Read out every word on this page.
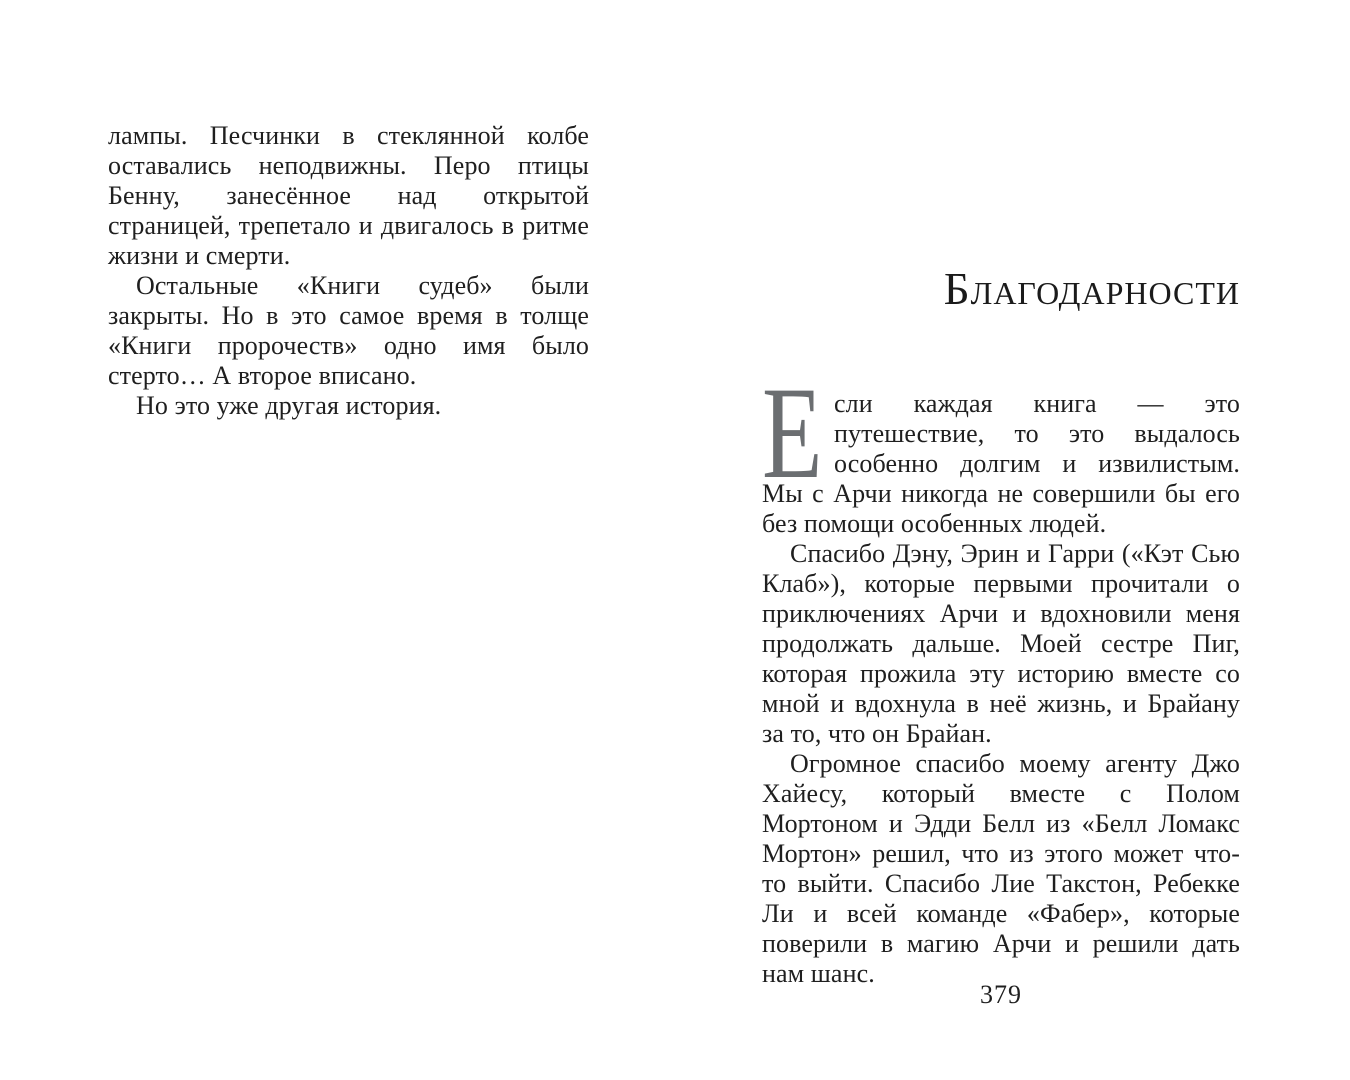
лампы. Песчинки в стеклянной колбе оставались неподвижны. Перо птицы Бенну, занесённое над открытой страницей, трепетало и двигалось в ритме жизни и смерти.

Остальные «Книги судеб» были закрыты. Но в это самое время в толще «Книги пророчеств» одно имя было стерто… А второе вписано.

Но это уже другая история.

Благодарности

Если каждая книга — это путешествие, то это выдалось особенно долгим и извилистым. Мы с Арчи никогда не совершили бы его без помощи особенных людей.

Спасибо Дэну, Эрин и Гарри («Кэт Сью Клаб»), которые первыми прочитали о приключениях Арчи и вдохновили меня продолжать дальше. Моей сестре Пиг, которая прожила эту историю вместе со мной и вдохнула в неё жизнь, и Брайану за то, что он Брайан.

Огромное спасибо моему агенту Джо Хайесу, который вместе с Полом Мортоном и Эдди Белл из «Белл Ломакс Мортон» решил, что из этого может что-то выйти. Спасибо Лие Такстон, Ребекке Ли и всей команде «Фабер», которые поверили в магию Арчи и решили дать нам шанс.

379
